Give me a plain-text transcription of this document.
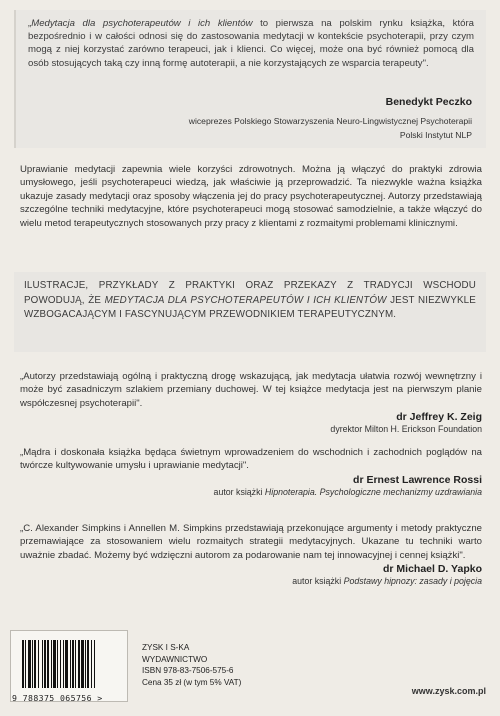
„Medytacja dla psychoterapeutów i ich klientów to pierwsza na polskim rynku książka, która bezpośrednio i w całości odnosi się do zastosowania medytacji w kontekście psychoterapii, przy czym mogą z niej korzystać zarówno terapeuci, jak i klienci. Co więcej, może ona być również pomocą dla osób stosujących taką czy inną formę autoterapii, a nie korzystających ze wsparcia terapeuty".

Benedykt Peczko
wiceprezes Polskiego Stowarzyszenia Neuro-Lingwistycznej Psychoterapii
Polski Instytut NLP

Uprawianie medytacji zapewnia wiele korzyści zdrowotnych. Można ją włączyć do praktyki zdrowia umysłowego, jeśli psychoterapeuci wiedzą, jak właściwie ją przeprowadzić. Ta niezwykle ważna książka ukazuje zasady medytacji oraz sposoby włączenia jej do pracy psychoterapeutycznej. Autorzy przedstawiają szczególne techniki medytacyjne, które psychoterapeuci mogą stosować samodzielnie, a także włączyć do wielu metod terapeutycznych stosowanych przy pracy z klientami z rozmaitymi problemami klinicznymi.

ILUSTRACJE, PRZYKŁADY Z PRAKTYKI ORAZ PRZEKAZY Z TRADYCJI WSCHODU POWODUJĄ, ŻE MEDYTACJA DLA PSYCHOTERAPEUTÓW I ICH KLIENTÓW JEST NIEZWYKLE WZBOGACAJĄCYM I FASCYNUJĄCYM PRZEWODNIKIEM TERAPEUTYCZNYM.

„Autorzy przedstawiają ogólną i praktyczną drogę wskazującą, jak medytacja ułatwia rozwój wewnętrzny i może być zasadniczym szlakiem przemiany duchowej. W tej książce medytacja jest na pierwszym planie współczesnej psychoterapii".

dr Jeffrey K. Zeig
dyrektor Milton H. Erickson Foundation

„Mądra i doskonała książka będąca świetnym wprowadzeniem do wschodnich i zachodnich poglądów na twórcze kultywowanie umysłu i uprawianie medytacji".

dr Ernest Lawrence Rossi
autor książki Hipnoterapia. Psychologiczne mechanizmy uzdrawiania

„C. Alexander Simpkins i Annellen M. Simpkins przedstawiają przekonujące argumenty i metody praktyczne przemawiające za stosowaniem wielu rozmaitych strategii medytacyjnych. Ukazane tu techniki warto uważnie zbadać. Możemy być wdzięczni autorom za podarowanie nam tej innowacyjnej i cennej książki".

dr Michael D. Yapko
autor książki Podstawy hipnozy: zasady i pojęcia
9 788375 065756 >
ZYSK I S-KA
WYDAWNICTWO
ISBN 978-83-7506-575-6
Cena 35 zł (w tym 5% VAT)
www.zysk.com.pl
